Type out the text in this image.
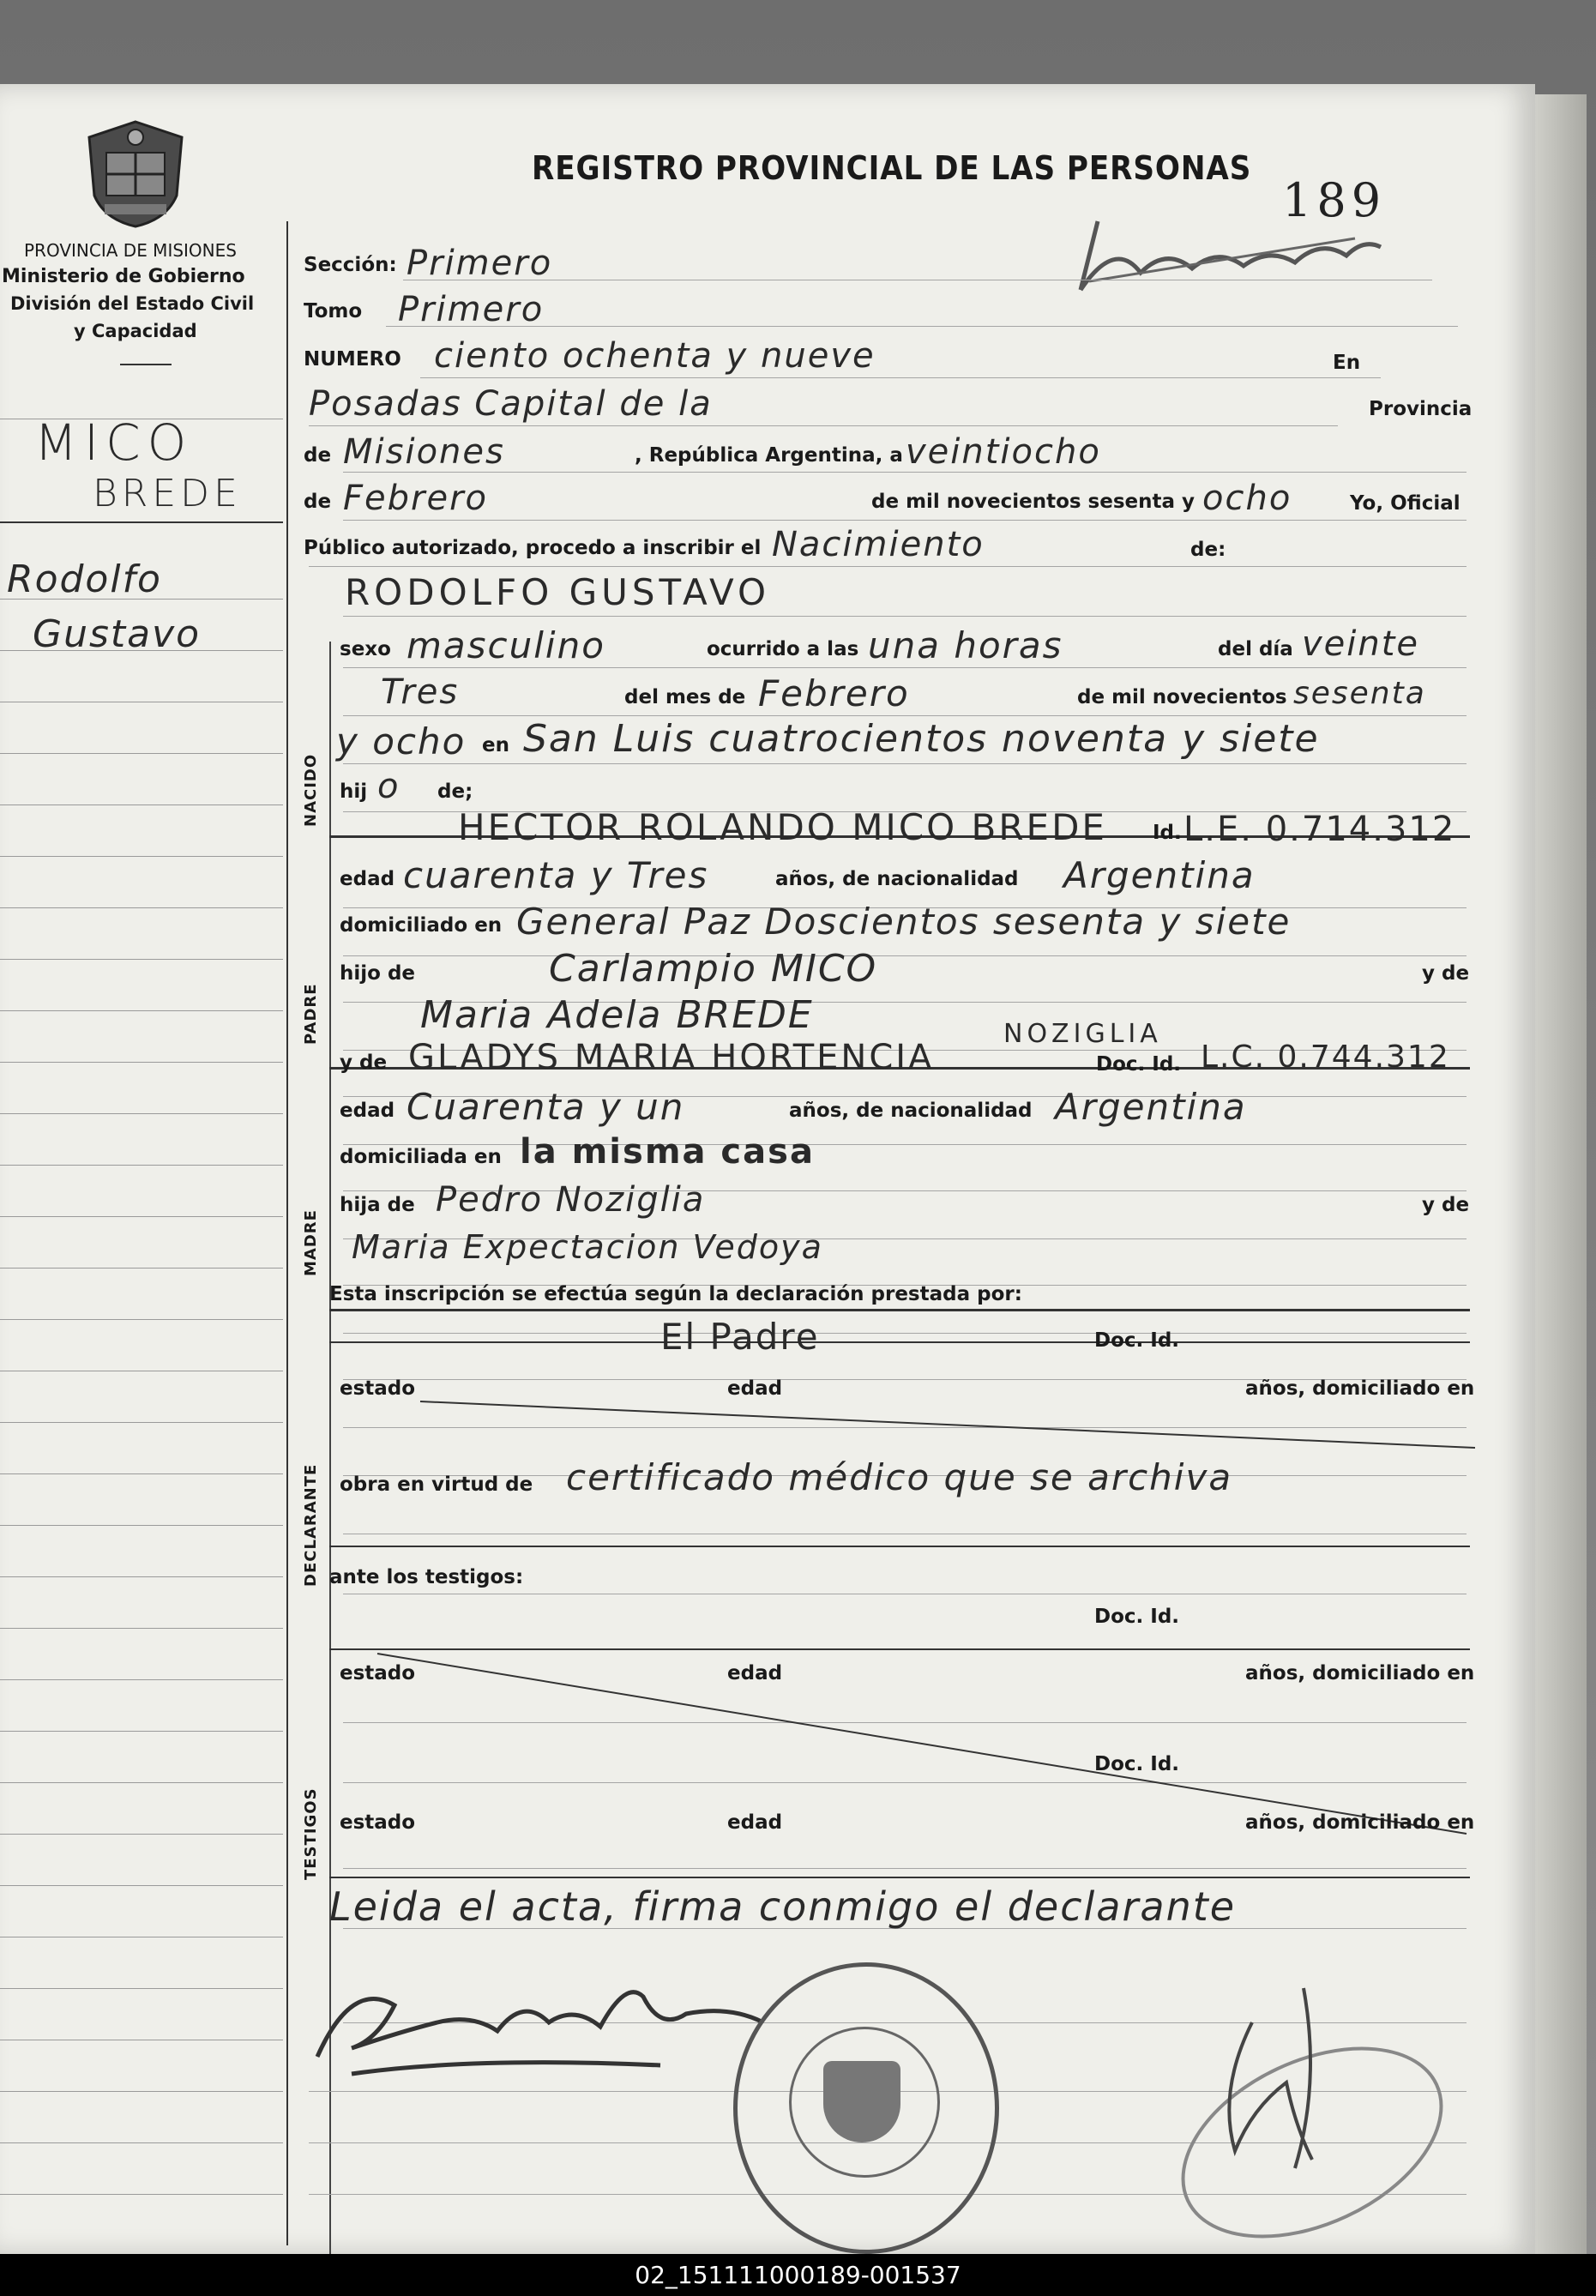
PROVINCIA DE MISIONES
Ministerio de Gobierno
División del Estado Civil
y Capacidad
REGISTRO PROVINCIAL DE LAS PERSONAS
189
MICO
BREDE
Rodolfo
Gustavo
NACIDO
PADRE
MADRE
DECLARANTE
TESTIGOS
Sección: Primero
Tomo Primero
NUMERO ciento ochenta y nueve	En
Posadas Capital de la	Provincia
de Misiones	, República Argentina, a veintiocho
de Febrero	de mil novecientos sesenta y ocho	Yo, Oficial
Público autorizado, procedo a inscribir el Nacimiento	de:
RODOLFO GUSTAVO
sexo masculino	ocurrido a las una horas	del día veinte
Tres	del mes de Febrero	de mil novecientos sesenta
y ocho en San Luis cuatrocientos noventa y siete
hij o de;
HECTOR ROLANDO MICO BREDE Id. L.E. 0.714.312
edad cuarenta y Tres	años, de nacionalidad Argentina
domiciliado en General Paz Doscientos sesenta y siete
hijo de	Carlampio MICO	y de
Maria Adela BREDE	NOZIGLIA
y de GLADYS MARIA HORTENCIA	Doc. Id. L.C. 0.744.312
edad Cuarenta y un	años, de nacionalidad Argentina
domiciliada en la misma casa
hija de Pedro Noziglia	y de
Maria Expectacion Vedoya
Esta inscripción se efectúa según la declaración prestada por:
El Padre	Doc. Id.
estado	edad	años, domiciliado en
obra en virtud de certificado médico que se archiva
ante los testigos:
Doc. Id.
estado	edad	años, domiciliado en
Doc. Id.
estado	edad	años, domiciliado en
Leida el acta, firma conmigo el declarante
02_151111000189-001537
